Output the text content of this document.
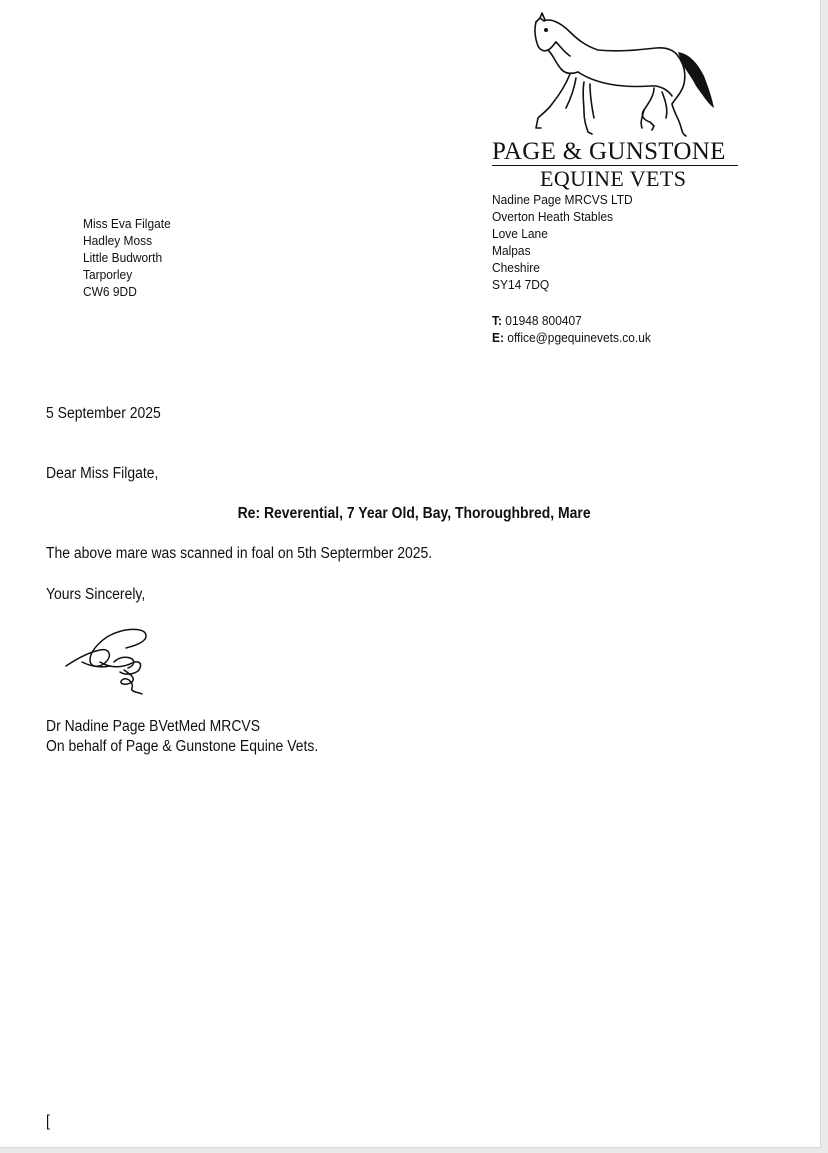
PAGE & GUNSTONE
EQUINE VETS
Nadine Page MRCVS LTD
Overton Heath Stables
Love Lane
Malpas
Cheshire
SY14 7DQ
T: 01948 800407
E: office@pgequinevets.co.uk
Miss Eva Filgate
Hadley Moss
Little Budworth
Tarporley
CW6 9DD
5 September 2025
Dear Miss Filgate,
Re: Reverential, 7 Year Old, Bay, Thoroughbred, Mare
The above mare was scanned in foal on 5th Septermber 2025.
Yours Sincerely,
Dr Nadine Page BVetMed MRCVS
On behalf of Page & Gunstone Equine Vets.
[
